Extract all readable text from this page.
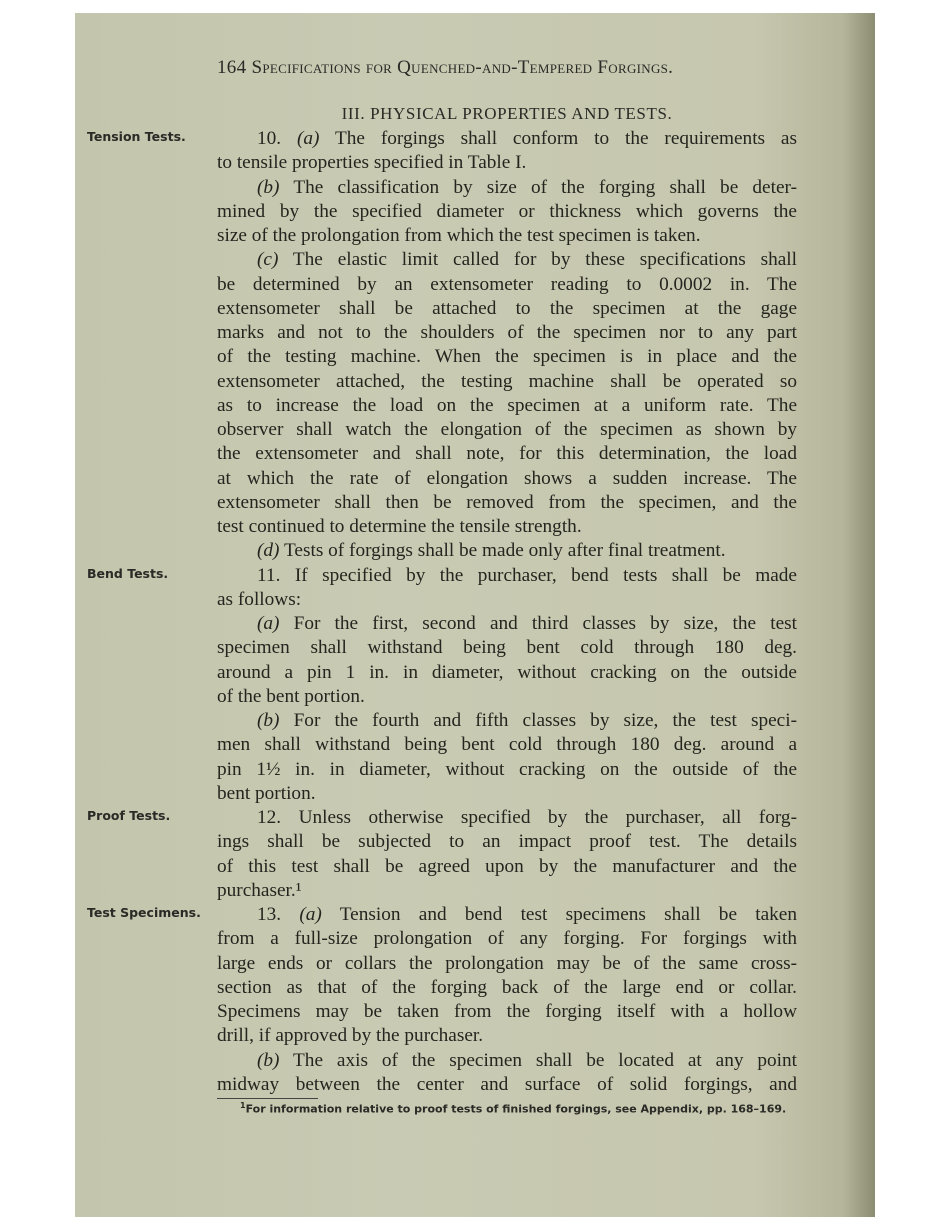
164 Specifications for Quenched-and-Tempered Forgings.
III. PHYSICAL PROPERTIES AND TESTS.
Tension Tests.	10. (a) The forgings shall conform to the requirements as
to tensile properties specified in Table I.
(b) The classification by size of the forging shall be deter-
mined by the specified diameter or thickness which governs the
size of the prolongation from which the test specimen is taken.
(c) The elastic limit called for by these specifications shall
be determined by an extensometer reading to 0.0002 in. The
extensometer shall be attached to the specimen at the gage
marks and not to the shoulders of the specimen nor to any part
of the testing machine. When the specimen is in place and the
extensometer attached, the testing machine shall be operated so
as to increase the load on the specimen at a uniform rate. The
observer shall watch the elongation of the specimen as shown by
the extensometer and shall note, for this determination, the load
at which the rate of elongation shows a sudden increase. The
extensometer shall then be removed from the specimen, and the
test continued to determine the tensile strength.
(d) Tests of forgings shall be made only after final treatment.
Bend Tests.	11. If specified by the purchaser, bend tests shall be made
as follows:
(a) For the first, second and third classes by size, the test
specimen shall withstand being bent cold through 180 deg.
around a pin 1 in. in diameter, without cracking on the outside
of the bent portion.
(b) For the fourth and fifth classes by size, the test speci-
men shall withstand being bent cold through 180 deg. around a
pin 1½ in. in diameter, without cracking on the outside of the
bent portion.
Proof Tests.	12. Unless otherwise specified by the purchaser, all forg-
ings shall be subjected to an impact proof test. The details
of this test shall be agreed upon by the manufacturer and the
purchaser.¹
Test Specimens.	13. (a) Tension and bend test specimens shall be taken
from a full-size prolongation of any forging. For forgings with
large ends or collars the prolongation may be of the same cross-
section as that of the forging back of the large end or collar.
Specimens may be taken from the forging itself with a hollow
drill, if approved by the purchaser.
(b) The axis of the specimen shall be located at any point
midway between the center and surface of solid forgings, and
$^1$For information relative to proof tests of finished forgings, see Appendix, pp. 168–169.
